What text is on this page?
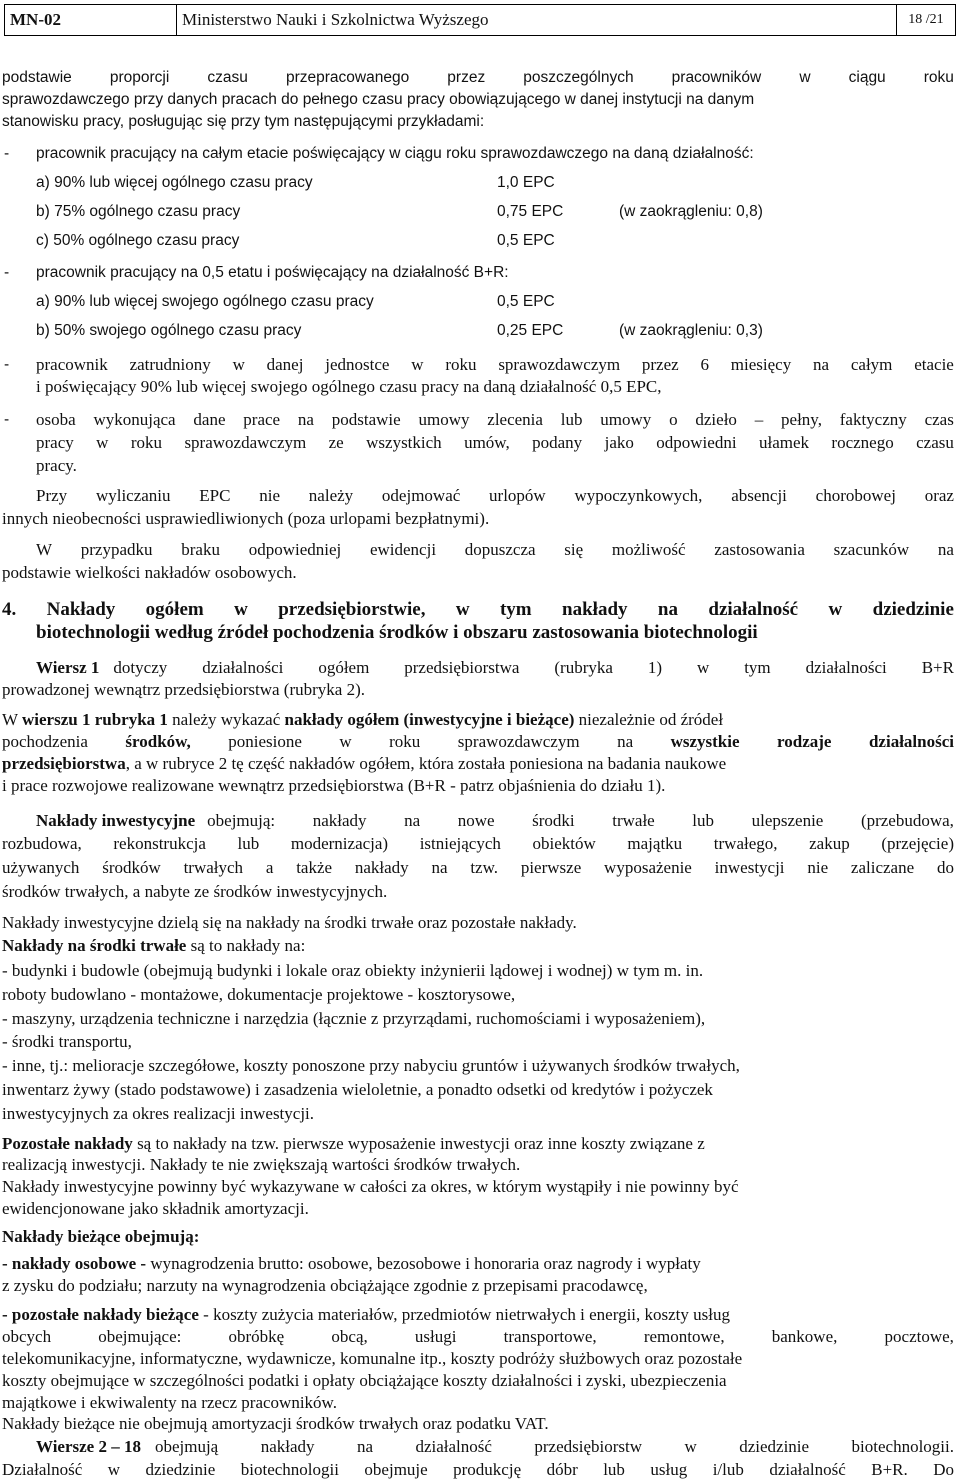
MN-02	Ministerstwo Nauki i Szkolnictwa Wyższego	18 /21
podstawie proporcji czasu przepracowanego przez poszczególnych pracowników w ciągu roku
sprawozdawczego przy danych pracach do pełnego czasu pracy obowiązującego w danej instytucji na danym
stanowisku pracy, posługując się przy tym następującymi przykładami:
- pracownik pracujący na całym etacie poświęcający w ciągu roku sprawozdawczego na daną działalność:
a) 90% lub więcej ogólnego czasu pracy	1,0 EPC
b) 75% ogólnego czasu pracy	0,75 EPC	(w zaokrągleniu: 0,8)
c) 50% ogólnego czasu pracy	0,5 EPC
- pracownik pracujący na 0,5 etatu i poświęcający na działalność B+R:
a) 90% lub więcej swojego ogólnego czasu pracy	0,5 EPC
b) 50% swojego ogólnego czasu pracy	0,25 EPC	(w zaokrągleniu: 0,3)
- pracownik zatrudniony w danej jednostce w roku sprawozdawczym przez 6 miesięcy na całym etacie
i poświęcający 90% lub więcej swojego ogólnego czasu pracy na daną działalność 0,5 EPC,
- osoba wykonująca dane prace na podstawie umowy zlecenia lub umowy o dzieło – pełny, faktyczny czas
pracy w roku sprawozdawczym ze wszystkich umów, podany jako odpowiedni ułamek rocznego czasu
pracy.
Przy wyliczaniu EPC nie należy odejmować urlopów wypoczynkowych, absencji chorobowej oraz
innych nieobecności usprawiedliwionych (poza urlopami bezpłatnymi).
W przypadku braku odpowiedniej ewidencji dopuszcza się możliwość zastosowania szacunków na
podstawie wielkości nakładów osobowych.
4. Nakłady ogółem w przedsiębiorstwie, w tym nakłady na działalność w dziedzinie
biotechnologii według źródeł pochodzenia środków i obszaru zastosowania biotechnologii
Wiersz 1 dotyczy działalności ogółem przedsiębiorstwa (rubryka 1) w tym działalności B+R
prowadzonej wewnątrz przedsiębiorstwa (rubryka 2).
W wierszu 1 rubryka 1 należy wykazać nakłady ogółem (inwestycyjne i bieżące) niezależnie od źródeł
pochodzenia środków, poniesione w roku sprawozdawczym na wszystkie rodzaje działalności
przedsiębiorstwa, a w rubryce 2 tę część nakładów ogółem, która została poniesiona na badania naukowe
i prace rozwojowe realizowane wewnątrz przedsiębiorstwa (B+R - patrz objaśnienia do działu 1).
Nakłady inwestycyjne obejmują: nakłady na nowe środki trwałe lub ulepszenie (przebudowa,
rozbudowa, rekonstrukcja lub modernizacja) istniejących obiektów majątku trwałego, zakup (przejęcie)
używanych środków trwałych a także nakłady na tzw. pierwsze wyposażenie inwestycji nie zaliczane do
środków trwałych, a nabyte ze środków inwestycyjnych.
Nakłady inwestycyjne dzielą się na nakłady na środki trwałe oraz pozostałe nakłady.
Nakłady na środki trwałe są to nakłady na:
- budynki i budowle (obejmują budynki i lokale oraz obiekty inżynierii lądowej i wodnej) w tym m. in.
roboty budowlano - montażowe, dokumentacje projektowe - kosztorysowe,
- maszyny, urządzenia techniczne i narzędzia (łącznie z przyrządami, ruchomościami i wyposażeniem),
- środki transportu,
- inne, tj.: melioracje szczegółowe, koszty ponoszone przy nabyciu gruntów i używanych środków trwałych,
inwentarz żywy (stado podstawowe) i zasadzenia wieloletnie, a ponadto odsetki od kredytów i pożyczek
inwestycyjnych za okres realizacji inwestycji.
Pozostałe nakłady są to nakłady na tzw. pierwsze wyposażenie inwestycji oraz inne koszty związane z
realizacją inwestycji. Nakłady te nie zwiększają wartości środków trwałych.
Nakłady inwestycyjne powinny być wykazywane w całości za okres, w którym wystąpiły i nie powinny być
ewidencjonowane jako składnik amortyzacji.
Nakłady bieżące obejmują:
- nakłady osobowe - wynagrodzenia brutto: osobowe, bezosobowe i honoraria oraz nagrody i wypłaty
z zysku do podziału; narzuty na wynagrodzenia obciążające zgodnie z przepisami pracodawcę,
- pozostałe nakłady bieżące - koszty zużycia materiałów, przedmiotów nietrwałych i energii, koszty usług
obcych	obejmujące:	obróbkę	obcą,	usługi	transportowe,	remontowe,	bankowe,	pocztowe,
telekomunikacyjne, informatyczne, wydawnicze, komunalne itp., koszty podróży służbowych oraz pozostałe
koszty obejmujące w szczególności podatki i opłaty obciążające koszty działalności i zyski, ubezpieczenia
majątkowe i ekwiwalenty na rzecz pracowników.
Nakłady bieżące nie obejmują amortyzacji środków trwałych oraz podatku VAT.
Wiersze 2 – 18 obejmują nakłady na działalność przedsiębiorstw w dziedzinie biotechnologii.
Działalność w dziedzinie biotechnologii obejmuje produkcję dóbr lub usług i/lub działalność B+R. Do
